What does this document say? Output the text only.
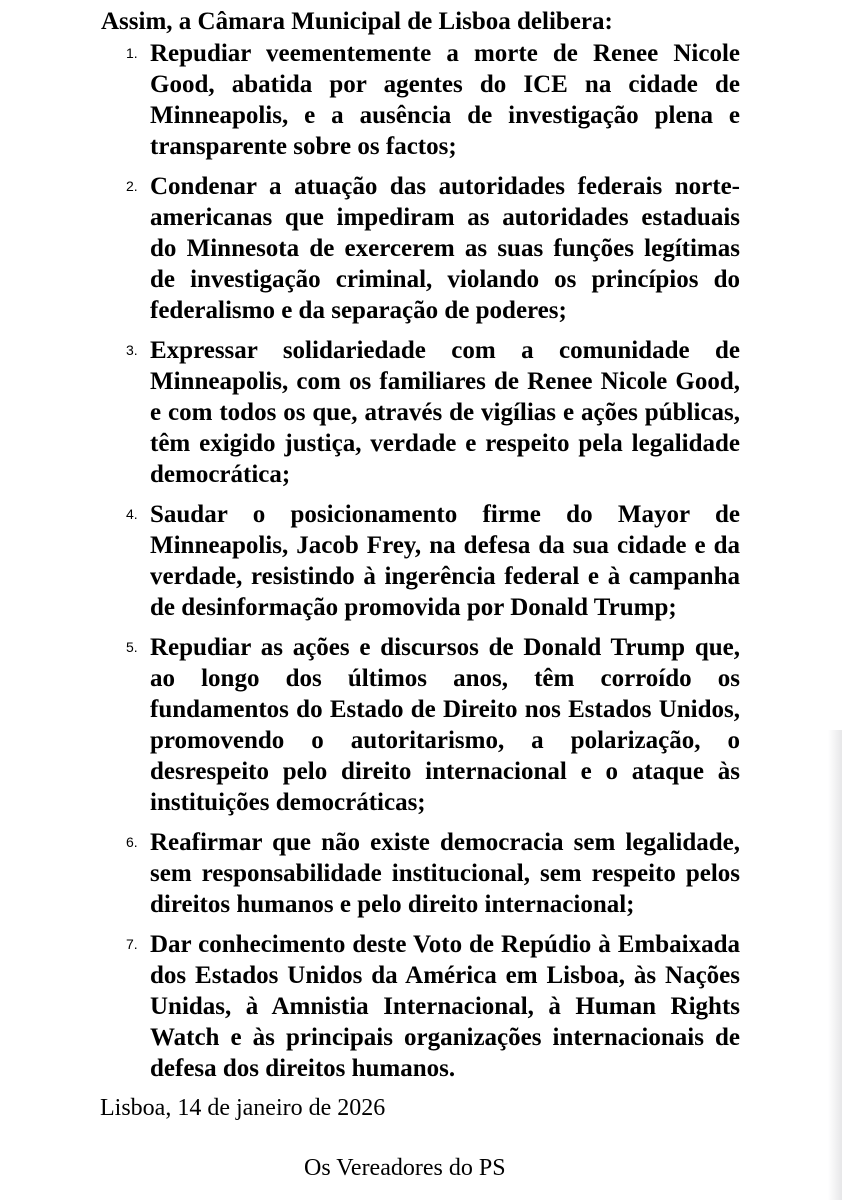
Assim, a Câmara Municipal de Lisboa delibera:

1. Repudiar veementemente a morte de Renee Nicole Good, abatida por agentes do ICE na cidade de Minneapolis, e a ausência de investigação plena e transparente sobre os factos;
2. Condenar a atuação das autoridades federais norte-americanas que impediram as autoridades estaduais do Minnesota de exercerem as suas funções legítimas de investigação criminal, violando os princípios do federalismo e da separação de poderes;
3. Expressar solidariedade com a comunidade de Minneapolis, com os familiares de Renee Nicole Good, e com todos os que, através de vigílias e ações públicas, têm exigido justiça, verdade e respeito pela legalidade democrática;
4. Saudar o posicionamento firme do Mayor de Minneapolis, Jacob Frey, na defesa da sua cidade e da verdade, resistindo à ingerência federal e à campanha de desinformação promovida por Donald Trump;
5. Repudiar as ações e discursos de Donald Trump que, ao longo dos últimos anos, têm corroído os fundamentos do Estado de Direito nos Estados Unidos, promovendo o autoritarismo, a polarização, o desrespeito pelo direito internacional e o ataque às instituições democráticas;
6. Reafirmar que não existe democracia sem legalidade, sem responsabilidade institucional, sem respeito pelos direitos humanos e pelo direito internacional;
7. Dar conhecimento deste Voto de Repúdio à Embaixada dos Estados Unidos da América em Lisboa, às Nações Unidas, à Amnistia Internacional, à Human Rights Watch e às principais organizações internacionais de defesa dos direitos humanos.

Lisboa, 14 de janeiro de 2026

Os Vereadores do PS
